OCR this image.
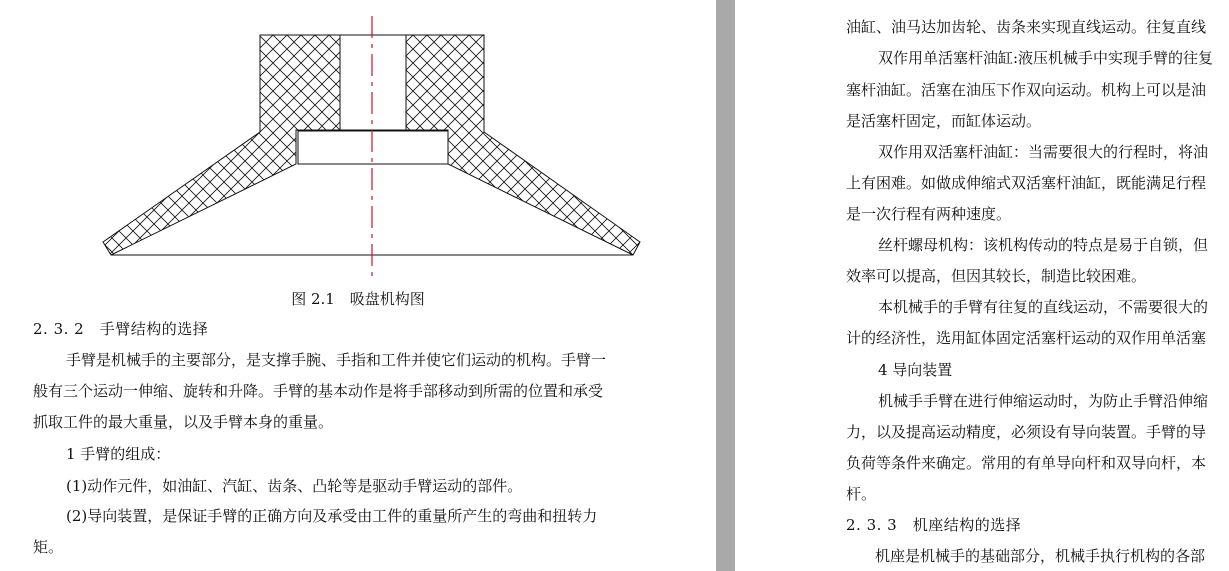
图 2.1　吸盘机构图
2. 3. 2　手臂结构的选择
手臂是机械手的主要部分，是支撑手腕、手指和工件并使它们运动的机构。手臂一
般有三个运动一伸缩、旋转和升降。手臂的基本动作是将手部移动到所需的位置和承受
抓取工件的最大重量，以及手臂本身的重量。
1 手臂的组成：
(1)动作元件，如油缸、汽缸、齿条、凸轮等是驱动手臂运动的部件。
(2)导向装置，是保证手臂的正确方向及承受由工件的重量所产生的弯曲和扭转力
矩。
油缸、油马达加齿轮、齿条来实现直线运动。往复直线
双作用单活塞杆油缸:液压机械手中实现手臂的往复
塞杆油缸。活塞在油压下作双向运动。机构上可以是油
是活塞杆固定，而缸体运动。
双作用双活塞杆油缸：当需要很大的行程时，将油
上有困难。如做成伸缩式双活塞杆油缸，既能满足行程
是一次行程有两种速度。
丝杆螺母机构：该机构传动的特点是易于自锁，但
效率可以提高，但因其较长，制造比较困难。
本机械手的手臂有往复的直线运动，不需要很大的
计的经济性，选用缸体固定活塞杆运动的双作用单活塞
4 导向装置
机械手手臂在进行伸缩运动时，为防止手臂沿伸缩
力，以及提高运动精度，必须设有导向装置。手臂的导
负荷等条件来确定。常用的有单导向杆和双导向杆，本
杆。
2. 3. 3　机座结构的选择
机座是机械手的基础部分，机械手执行机构的各部
